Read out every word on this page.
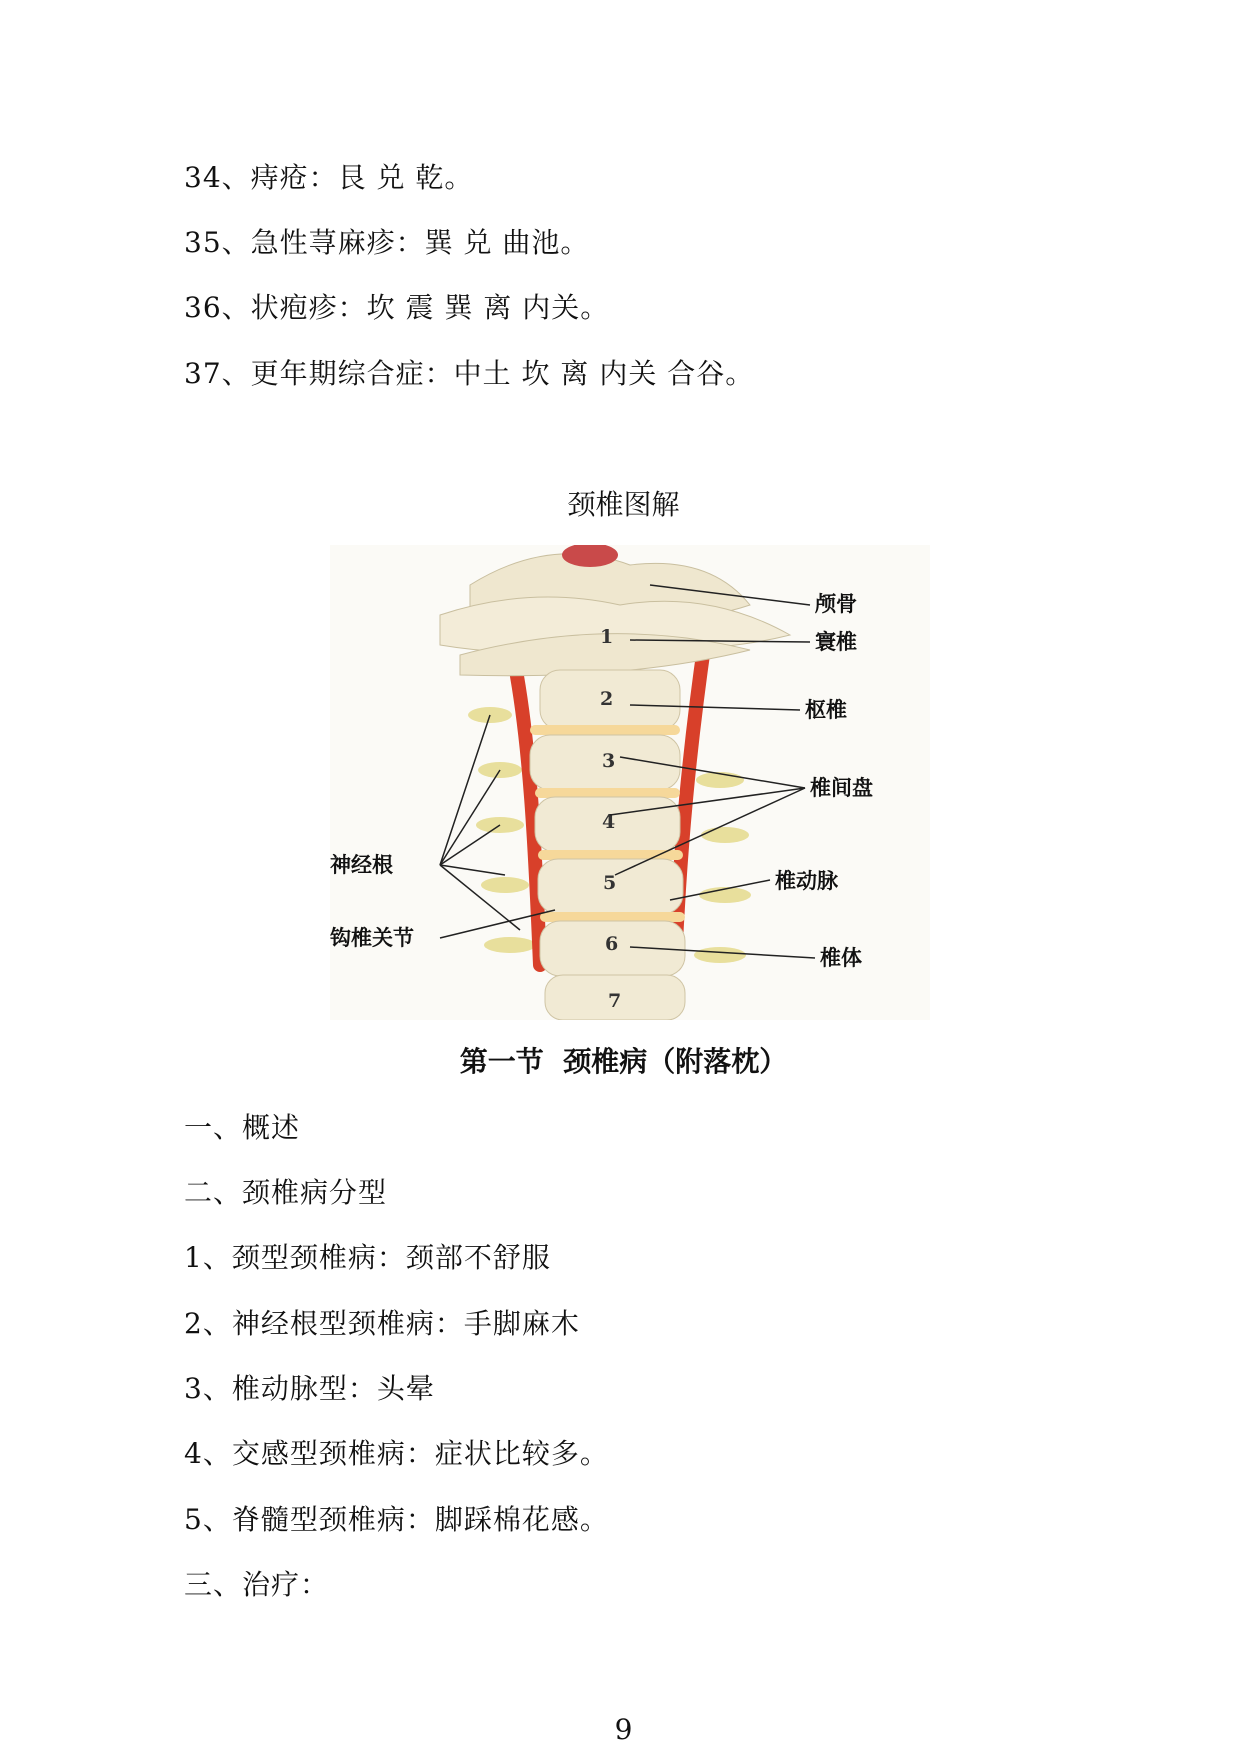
34、痔疮：艮 兑 乾。
35、急性荨麻疹：巽 兑 曲池。
36、状疱疹：坎 震 巽 离 内关。
37、更年期综合症：中土 坎 离 内关 合谷。
颈椎图解
1
2
3
4
5
6
7
颅骨
寰椎
枢椎
椎间盘
神经根
椎动脉
钩椎关节
椎体
第一节  颈椎病（附落枕）
一、概述
二、颈椎病分型
1、颈型颈椎病：颈部不舒服
2、神经根型颈椎病：手脚麻木
3、椎动脉型：头晕
4、交感型颈椎病：症状比较多。
5、脊髓型颈椎病：脚踩棉花感。
三、治疗：
9
